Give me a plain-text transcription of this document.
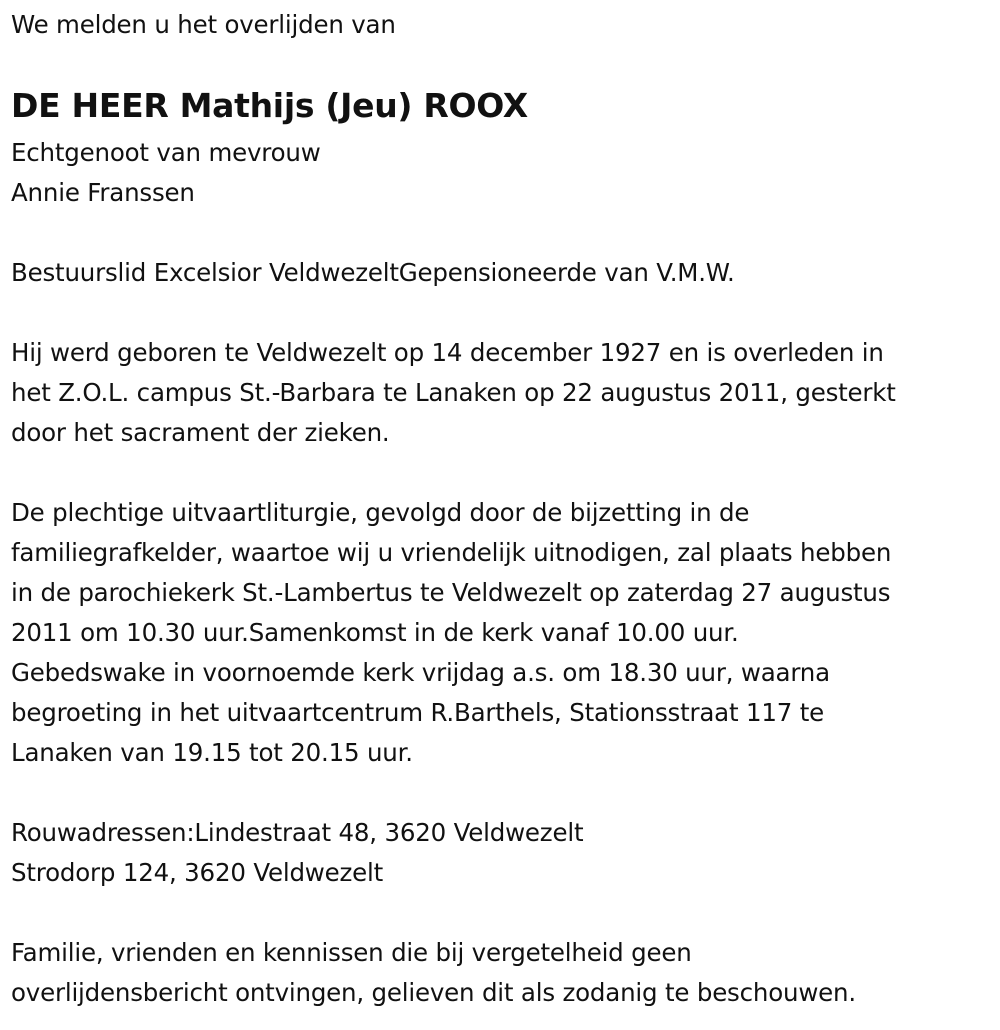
We melden u het overlijden van
DE HEER Mathijs (Jeu) ROOX
Echtgenoot van mevrouw
Annie Franssen
Bestuurslid Excelsior VeldwezeltGepensioneerde van V.M.W.
Hij werd geboren te Veldwezelt op 14 december 1927 en is overleden in
het Z.O.L. campus St.-Barbara te Lanaken op 22 augustus 2011, gesterkt
door het sacrament der zieken.
De plechtige uitvaartliturgie, gevolgd door de bijzetting in de
familiegrafkelder, waartoe wij u vriendelijk uitnodigen, zal plaats hebben
in de parochiekerk St.-Lambertus te Veldwezelt op zaterdag 27 augustus
2011 om 10.30 uur.Samenkomst in de kerk vanaf 10.00 uur.
Gebedswake in voornoemde kerk vrijdag a.s. om 18.30 uur, waarna
begroeting in het uitvaartcentrum R.Barthels, Stationsstraat 117 te
Lanaken van 19.15 tot 20.15 uur.
Rouwadressen:Lindestraat 48, 3620 Veldwezelt
Strodorp 124, 3620 Veldwezelt
Familie, vrienden en kennissen die bij vergetelheid geen
overlijdensbericht ontvingen, gelieven dit als zodanig te beschouwen.
